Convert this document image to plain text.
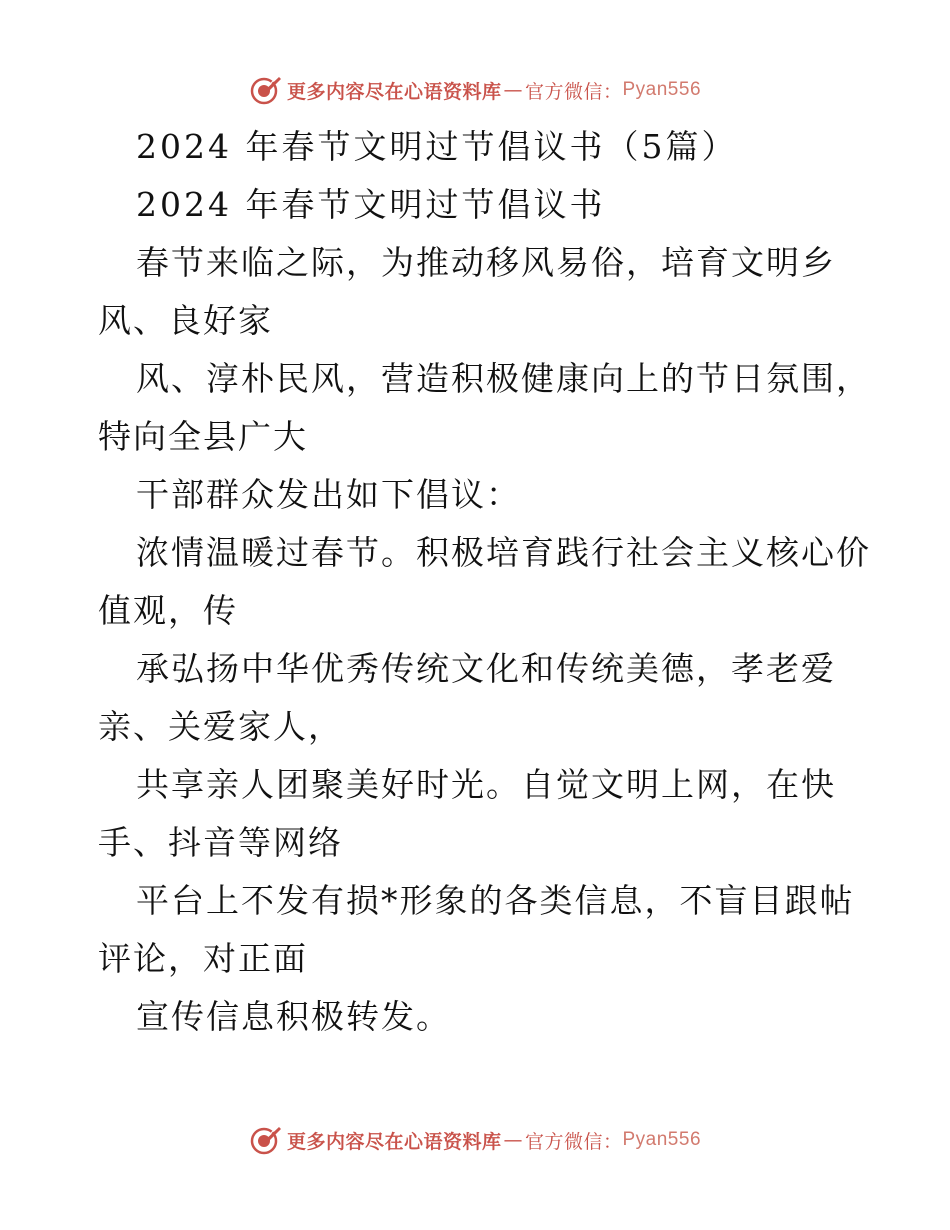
更多内容尽在心语资料库 — 官方微信： Pyan556
2024 年春节文明过节倡议书（5篇）
2024 年春节文明过节倡议书
春节来临之际，为推动移风易俗，培育文明乡
风、良好家
风、淳朴民风，营造积极健康向上的节日氛围，
特向全县广大
干部群众发出如下倡议：
浓情温暖过春节。积极培育践行社会主义核心价
值观，传
承弘扬中华优秀传统文化和传统美德，孝老爱
亲、关爱家人，
共享亲人团聚美好时光。自觉文明上网，在快
手、抖音等网络
平台上不发有损*形象的各类信息，不盲目跟帖
评论，对正面
宣传信息积极转发。
更多内容尽在心语资料库 — 官方微信： Pyan556
